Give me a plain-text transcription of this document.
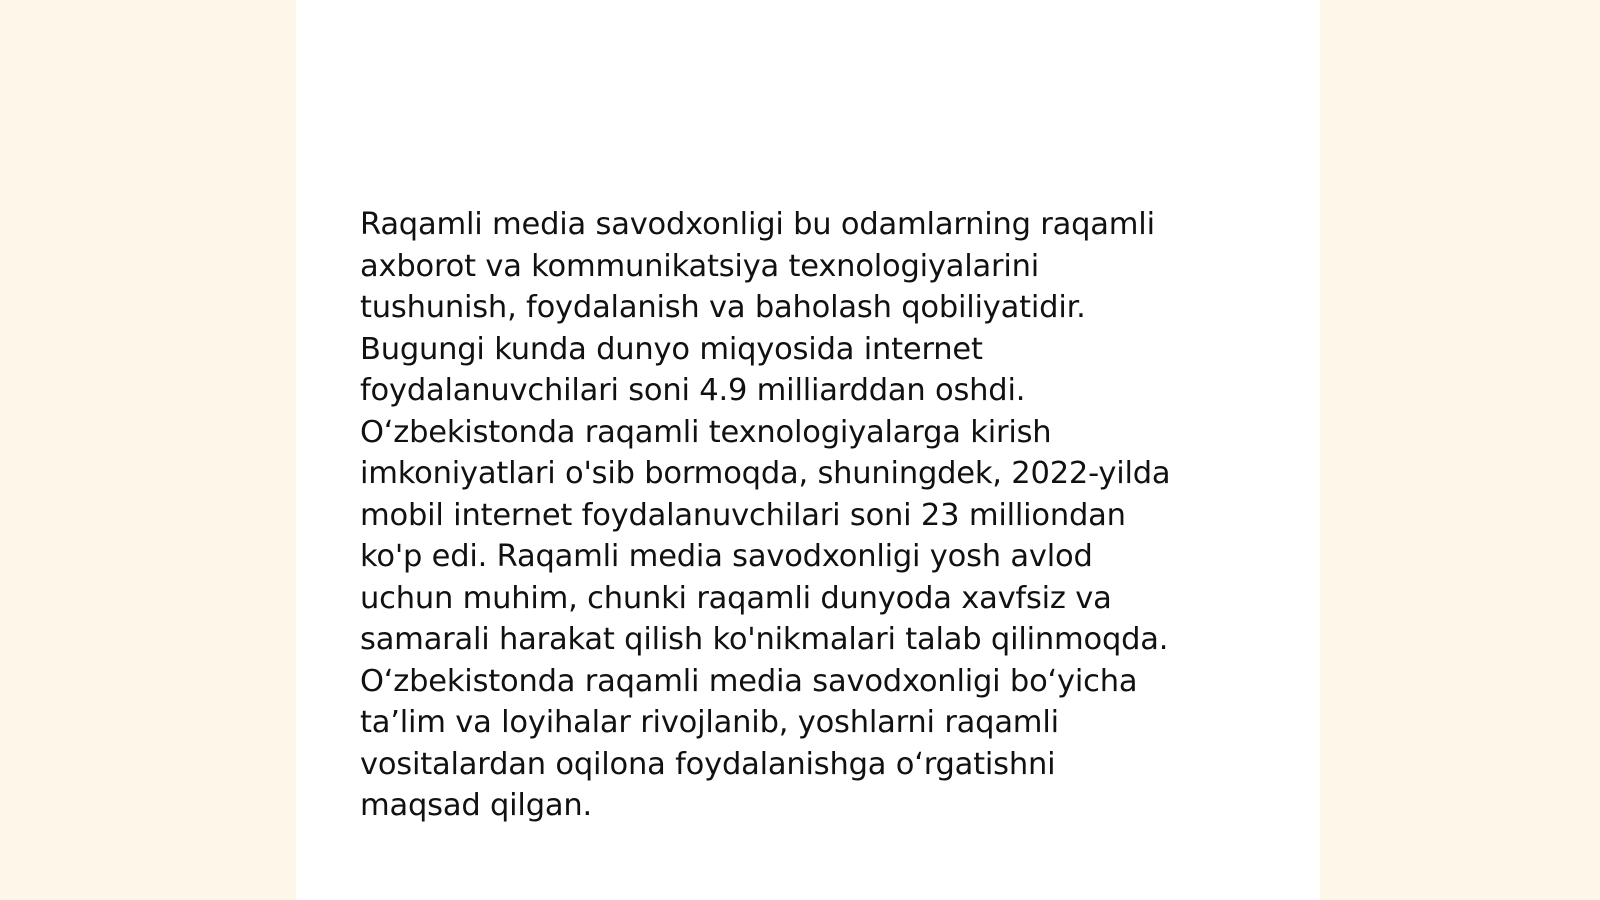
Raqamli media savodxonligi bu odamlarning raqamli
axborot va kommunikatsiya texnologiyalarini
tushunish, foydalanish va baholash qobiliyatidir.
Bugungi kunda dunyo miqyosida internet
foydalanuvchilari soni 4.9 milliarddan oshdi.
Oʻzbekistonda raqamli texnologiyalarga kirish
imkoniyatlari o'sib bormoqda, shuningdek, 2022-yilda
mobil internet foydalanuvchilari soni 23 milliondan
ko'p edi. Raqamli media savodxonligi yosh avlod
uchun muhim, chunki raqamli dunyoda xavfsiz va
samarali harakat qilish ko'nikmalari talab qilinmoqda.
Oʻzbekistonda raqamli media savodxonligi boʻyicha
taʼlim va loyihalar rivojlanib, yoshlarni raqamli
vositalardan oqilona foydalanishga oʻrgatishni
maqsad qilgan.
